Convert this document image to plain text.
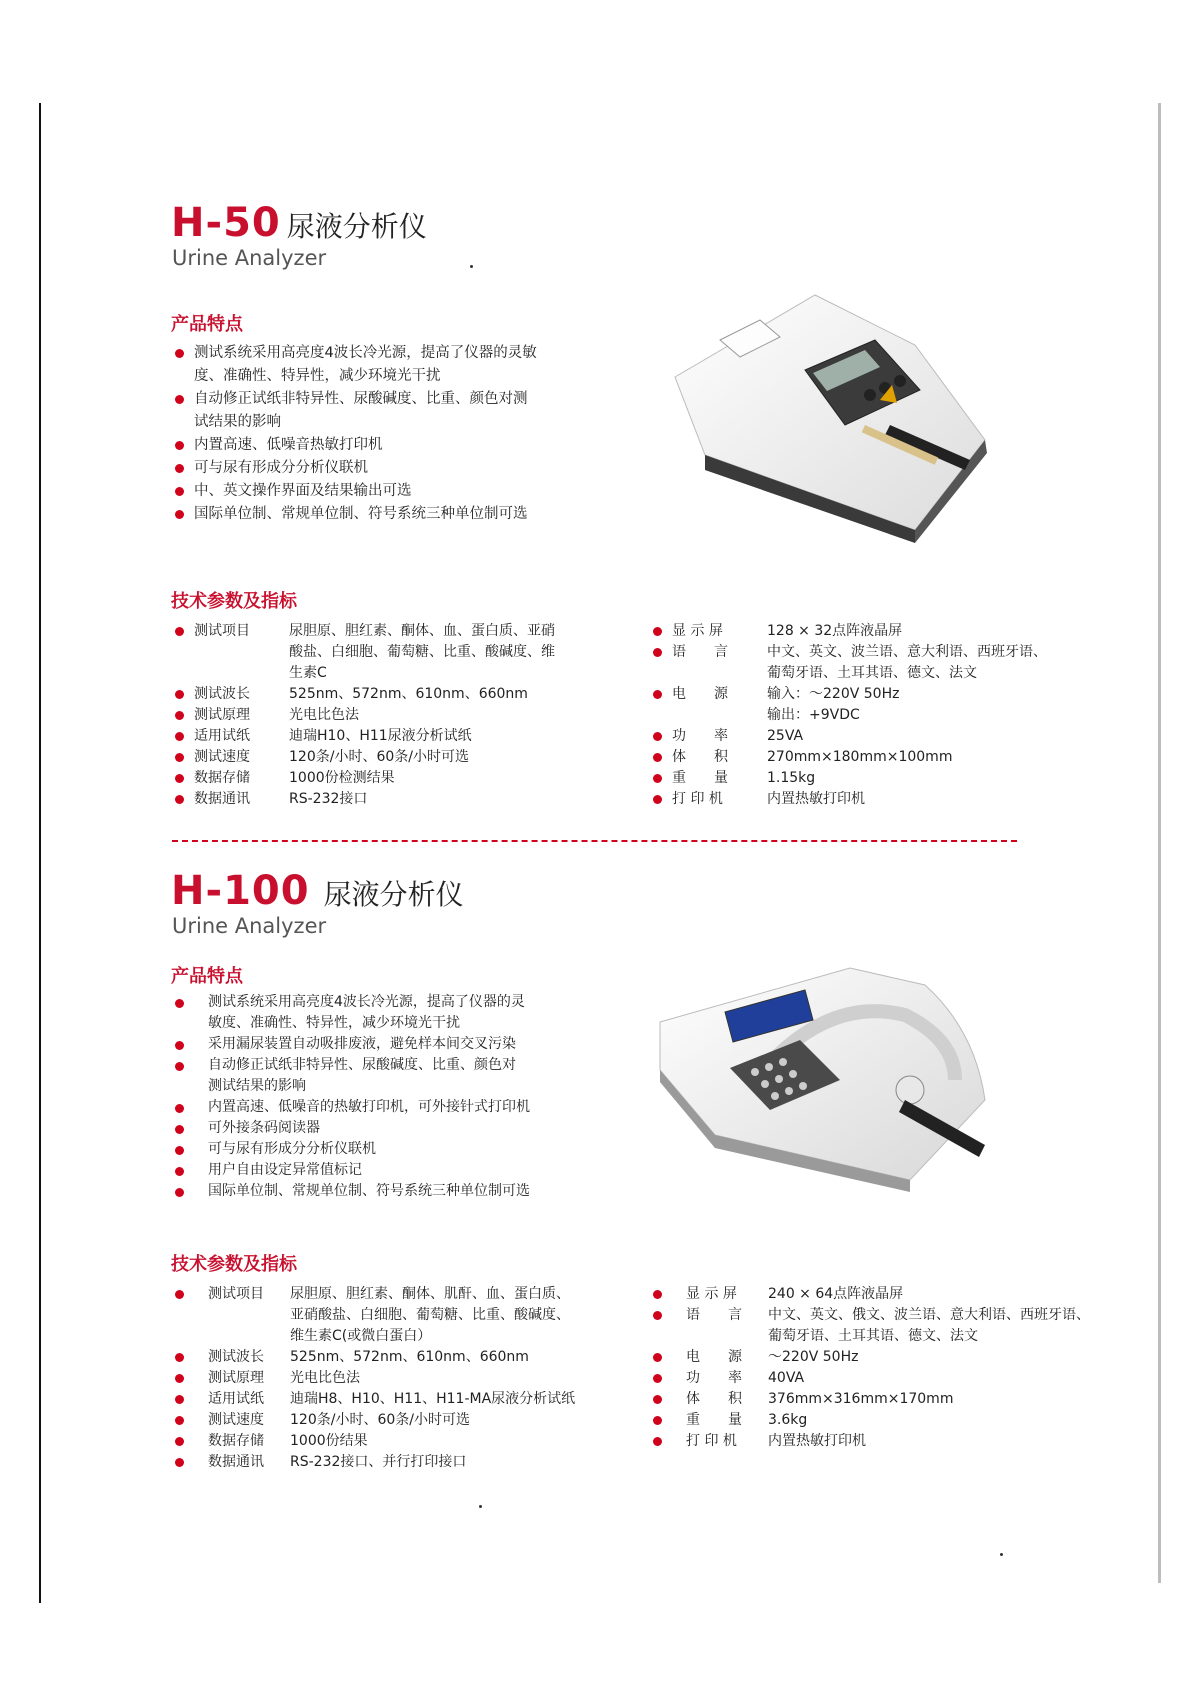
H-50 尿液分析仪
Urine Analyzer
产品特点
测试系统采用高亮度4波长冷光源，提高了仪器的灵敏
度、准确性、特异性，减少环境光干扰
自动修正试纸非特异性、尿酸碱度、比重、颜色对测
试结果的影响
内置高速、低噪音热敏打印机
可与尿有形成分分析仪联机
中、英文操作界面及结果输出可选
国际单位制、常规单位制、符号系统三种单位制可选
技术参数及指标
测试项目	尿胆原、胆红素、酮体、血、蛋白质、亚硝
酸盐、白细胞、葡萄糖、比重、酸碱度、维
生素C
测试波长	525nm、572nm、610nm、660nm
测试原理	光电比色法
适用试纸	迪瑞H10、H11尿液分析试纸
测试速度	120条/小时、60条/小时可选
数据存储	1000份检测结果
数据通讯	RS-232接口
显 示 屏	128 × 32点阵液晶屏
语　　言	中文、英文、波兰语、意大利语、西班牙语、
葡萄牙语、土耳其语、德文、法文
电　　源	输入：～220V 50Hz
输出：+9VDC
功　　率	25VA
体　　积	270mm×180mm×100mm
重　　量	1.15kg
打 印 机	内置热敏打印机
H-100 尿液分析仪
Urine Analyzer
产品特点
测试系统采用高亮度4波长冷光源，提高了仪器的灵
敏度、准确性、特异性，减少环境光干扰
采用漏尿装置自动吸排废液，避免样本间交叉污染
自动修正试纸非特异性、尿酸碱度、比重、颜色对
测试结果的影响
内置高速、低噪音的热敏打印机，可外接针式打印机
可外接条码阅读器
可与尿有形成分分析仪联机
用户自由设定异常值标记
国际单位制、常规单位制、符号系统三种单位制可选
技术参数及指标
测试项目	尿胆原、胆红素、酮体、肌酐、血、蛋白质、
亚硝酸盐、白细胞、葡萄糖、比重、酸碱度、
维生素C(或微白蛋白）
测试波长	525nm、572nm、610nm、660nm
测试原理	光电比色法
适用试纸	迪瑞H8、H10、H11、H11-MA尿液分析试纸
测试速度	120条/小时、60条/小时可选
数据存储	1000份结果
数据通讯	RS-232接口、并行打印接口
显 示 屏	240 × 64点阵液晶屏
语　　言	中文、英文、俄文、波兰语、意大利语、西班牙语、
葡萄牙语、土耳其语、德文、法文
电　　源	～220V 50Hz
功　　率	40VA
体　　积	376mm×316mm×170mm
重　　量	3.6kg
打 印 机	内置热敏打印机
